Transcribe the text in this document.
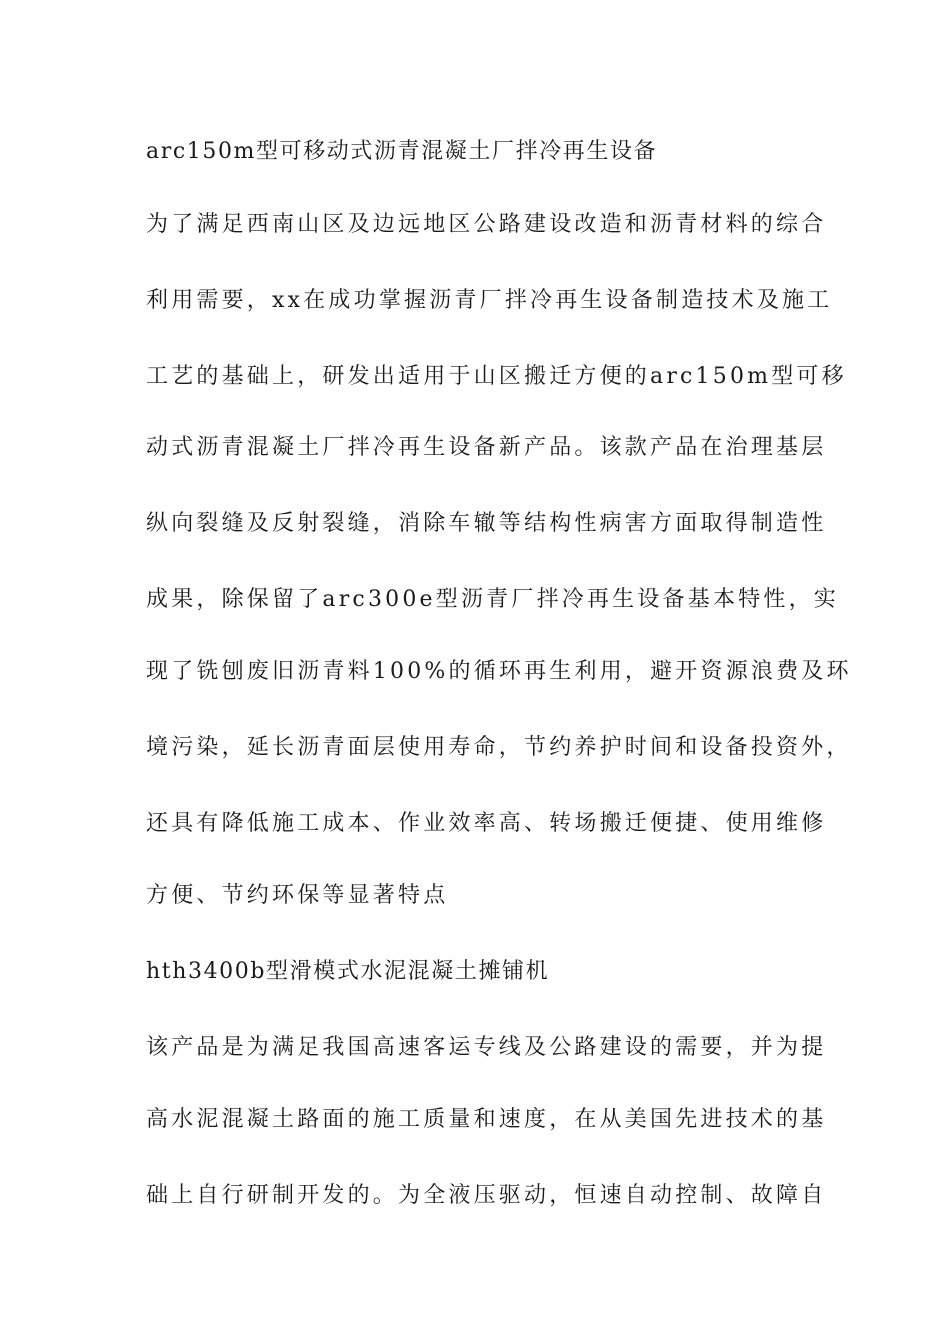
arc150m型可移动式沥青混凝土厂拌冷再生设备
为了满足西南山区及边远地区公路建设改造和沥青材料的综合
利用需要，xx在成功掌握沥青厂拌冷再生设备制造技术及施工
工艺的基础上，研发出适用于山区搬迁方便的arc150m型可移
动式沥青混凝土厂拌冷再生设备新产品。该款产品在治理基层
纵向裂缝及反射裂缝，消除车辙等结构性病害方面取得制造性
成果，除保留了arc300e型沥青厂拌冷再生设备基本特性，实
现了铣刨废旧沥青料100%的循环再生利用，避开资源浪费及环
境污染，延长沥青面层使用寿命，节约养护时间和设备投资外，
还具有降低施工成本、作业效率高、转场搬迁便捷、使用维修
方便、节约环保等显著特点
hth3400b型滑模式水泥混凝土摊铺机
该产品是为满足我国高速客运专线及公路建设的需要，并为提
高水泥混凝土路面的施工质量和速度，在从美国先进技术的基
础上自行研制开发的。为全液压驱动，恒速自动控制、故障自
